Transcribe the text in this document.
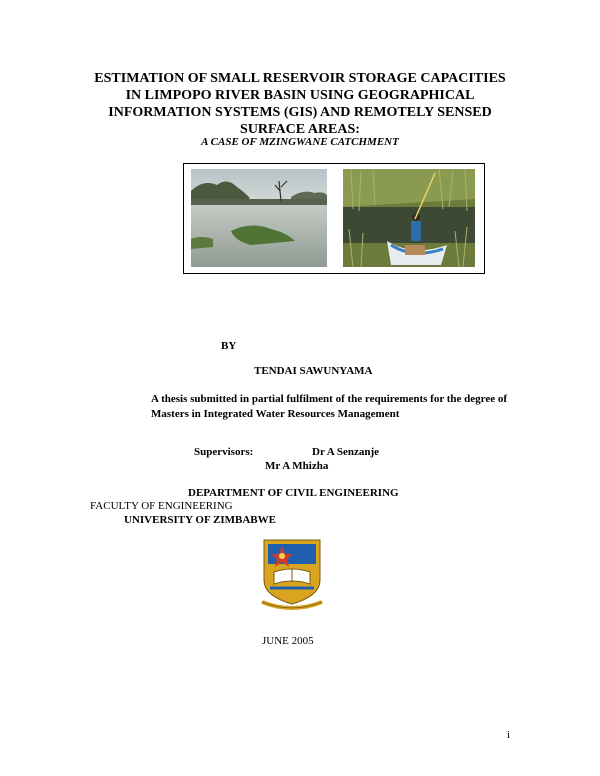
ESTIMATION OF SMALL RESERVOIR STORAGE CAPACITIES
IN LIMPOPO RIVER BASIN USING GEOGRAPHICAL
INFORMATION SYSTEMS (GIS) AND REMOTELY SENSED
SURFACE AREAS:
A CASE OF MZINGWANE CATCHMENT
BY
TENDAI SAWUNYAMA
A thesis submitted in partial fulfilment of the requirements for the degree of
Masters in Integrated Water Resources Management
Supervisors:	Dr A Senzanje
Mr A Mhizha
DEPARTMENT OF CIVIL ENGINEERING
FACULTY OF ENGINEERING
UNIVERSITY OF ZIMBABWE
JUNE 2005
i
